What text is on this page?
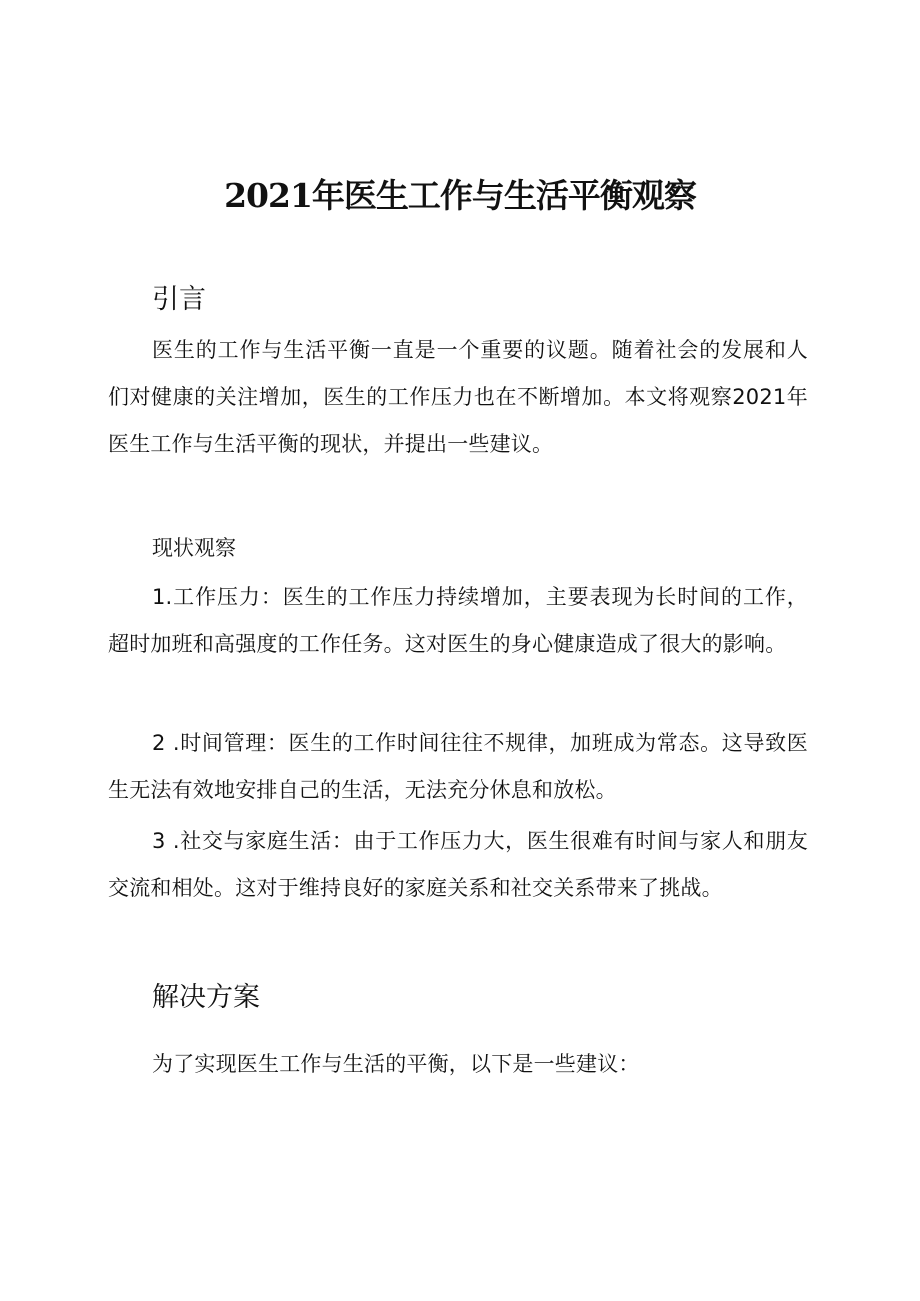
2021年医生工作与生活平衡观察
引言

医生的工作与生活平衡一直是一个重要的议题。随着社会的发展和人们对健康的关注增加，医生的工作压力也在不断增加。本文将观察2021年医生工作与生活平衡的现状，并提出一些建议。

现状观察

1.工作压力：医生的工作压力持续增加，主要表现为长时间的工作，超时加班和高强度的工作任务。这对医生的身心健康造成了很大的影响。

2 .时间管理：医生的工作时间往往不规律，加班成为常态。这导致医生无法有效地安排自己的生活，无法充分休息和放松。

3 .社交与家庭生活：由于工作压力大，医生很难有时间与家人和朋友交流和相处。这对于维持良好的家庭关系和社交关系带来了挑战。

解决方案

为了实现医生工作与生活的平衡，以下是一些建议：
